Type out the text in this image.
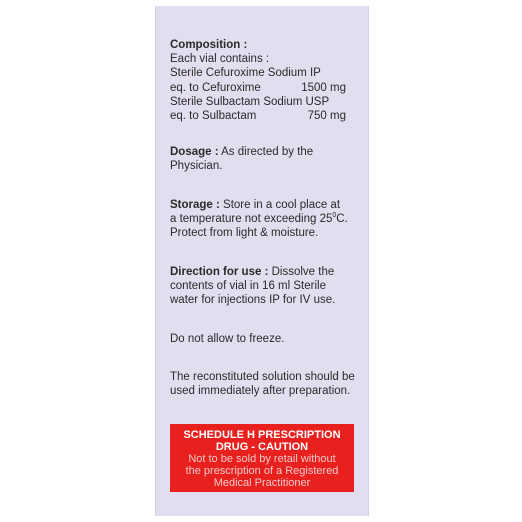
Composition :
Each vial contains :
Sterile Cefuroxime Sodium IP
eq. to Cefuroxime	1500 mg
Sterile Sulbactam Sodium USP
eq. to Sulbactam	750 mg
Dosage : As directed by the
Physician.
Storage : Store in a cool place at
a temperature not exceeding $25^0C$.
Protect from light & moisture.
Direction for use : Dissolve the
contents of vial in 16 ml Sterile
water for injections IP for IV use.
Do not allow to freeze.
The reconstituted solution should be
used immediately after preparation.
SCHEDULE H PRESCRIPTION
DRUG - CAUTION
Not to be sold by retail without
the prescription of a Registered
Medical Practitioner
